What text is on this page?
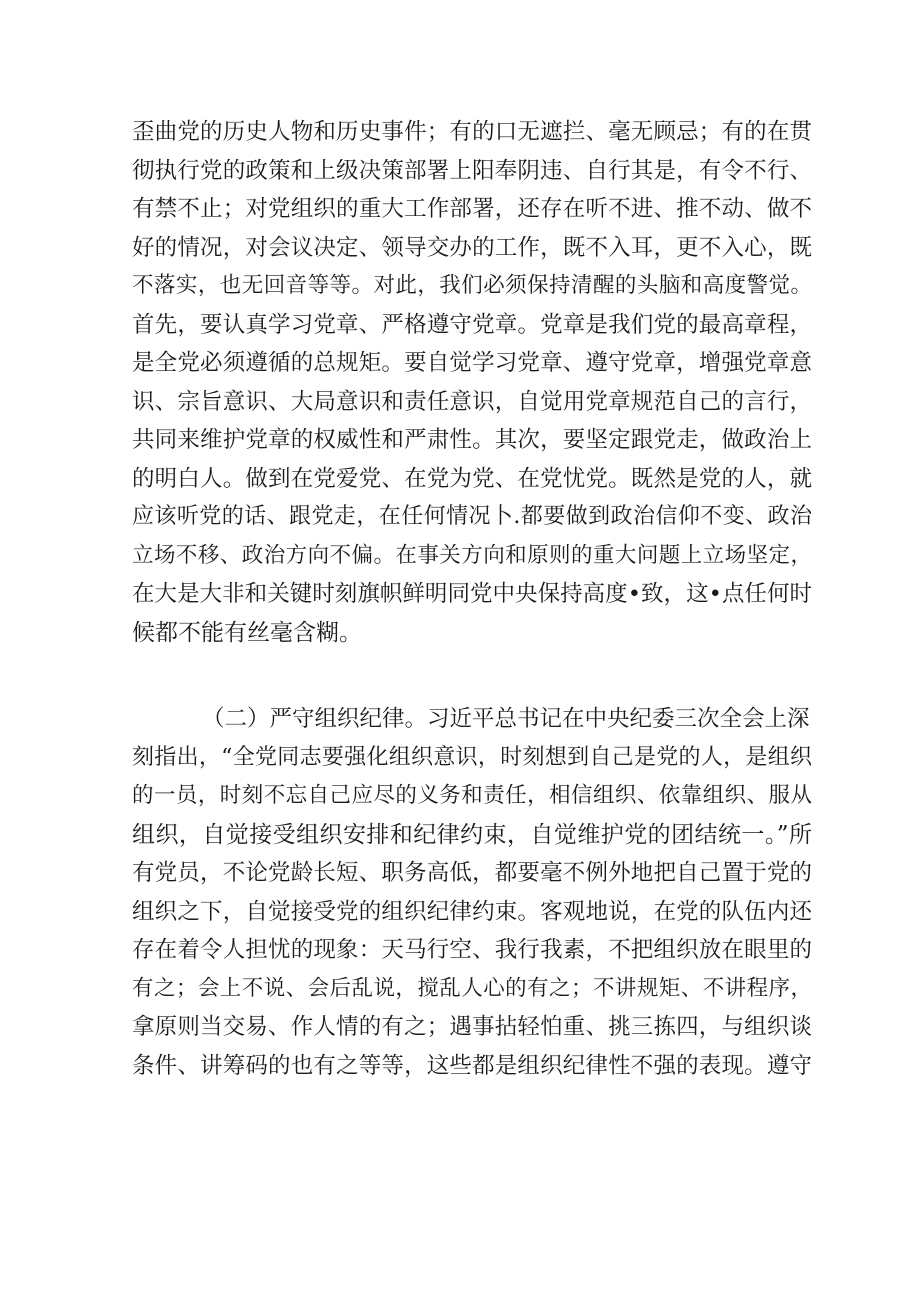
歪曲党的历史人物和历史事件；有的口无遮拦、毫无顾忌；有的在贯
彻执行党的政策和上级决策部署上阳奉阴违、自行其是，有令不行、
有禁不止；对党组织的重大工作部署，还存在听不进、推不动、做不
好的情况，对会议决定、领导交办的工作，既不入耳，更不入心，既
不落实，也无回音等等。对此，我们必须保持清醒的头脑和高度警觉。
首先，要认真学习党章、严格遵守党章。党章是我们党的最高章程，
是全党必须遵循的总规矩。要自觉学习党章、遵守党章，增强党章意
识、宗旨意识、大局意识和责任意识，自觉用党章规范自己的言行，
共同来维护党章的权威性和严肃性。其次，要坚定跟党走，做政治上
的明白人。做到在党爱党、在党为党、在党忧党。既然是党的人，就
应该听党的话、跟党走，在任何情况卜.都要做到政治信仰不变、政治
立场不移、政治方向不偏。在事关方向和原则的重大问题上立场坚定，
在大是大非和关键时刻旗帜鲜明同党中央保持高度•致，这•点任何时
候都不能有丝毫含糊。
（二）严守组织纪律。习近平总书记在中央纪委三次全会上深
刻指出，“全党同志要强化组织意识，时刻想到自己是党的人，是组织
的一员，时刻不忘自己应尽的义务和责任，相信组织、依靠组织、服从
组织，自觉接受组织安排和纪律约束，自觉维护党的团结统一。”所
有党员，不论党龄长短、职务高低，都要毫不例外地把自己置于党的
组织之下，自觉接受党的组织纪律约束。客观地说，在党的队伍内还
存在着令人担忧的现象：天马行空、我行我素，不把组织放在眼里的
有之；会上不说、会后乱说，搅乱人心的有之；不讲规矩、不讲程序，
拿原则当交易、作人情的有之；遇事拈轻怕重、挑三拣四，与组织谈
条件、讲筹码的也有之等等，这些都是组织纪律性不强的表现。遵守
